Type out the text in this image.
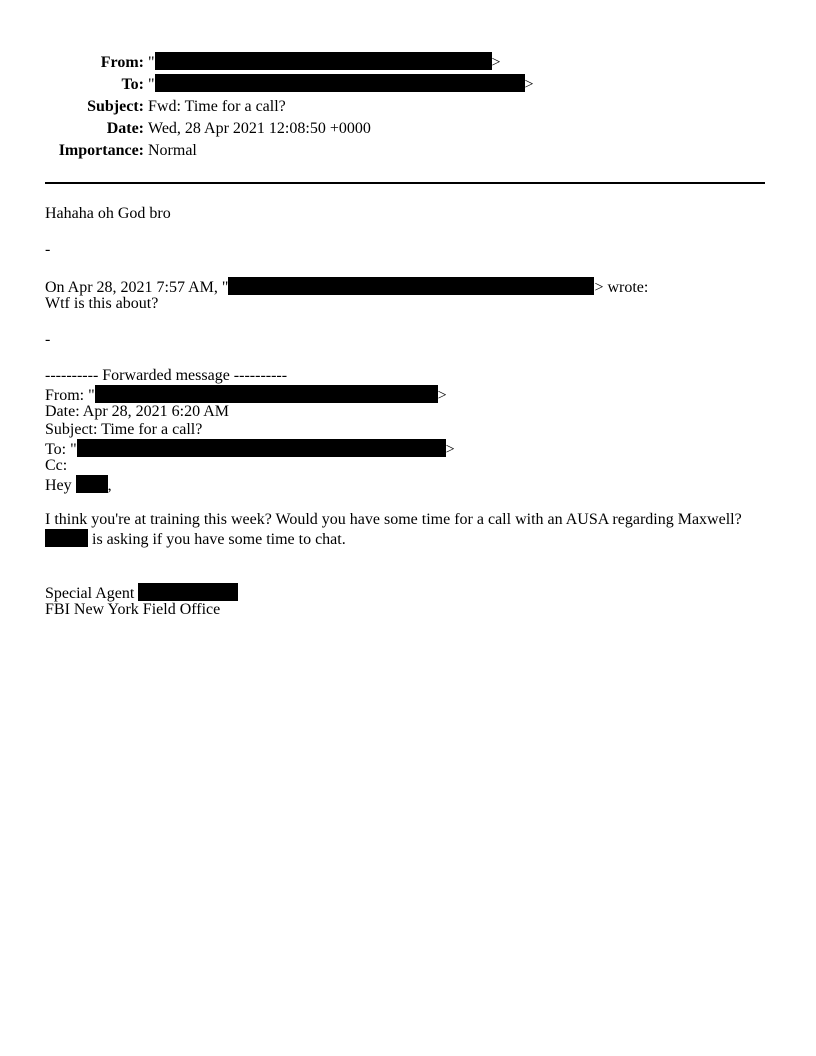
From: "	>
To: "	>
Subject: Fwd: Time for a call?
Date: Wed, 28 Apr 2021 12:08:50 +0000
Importance: Normal
Hahaha oh God bro
-
On Apr 28, 2021 7:57 AM, "	> wrote:
Wtf is this about?
-
---------- Forwarded message ----------
From: "	>
Date: Apr 28, 2021 6:20 AM
Subject: Time for a call?
To: "	>
Cc:
Hey ,
I think you're at training this week? Would you have some time for a call with an AUSA regarding Maxwell?
is asking if you have some time to chat.
Special Agent
FBI New York Field Office
